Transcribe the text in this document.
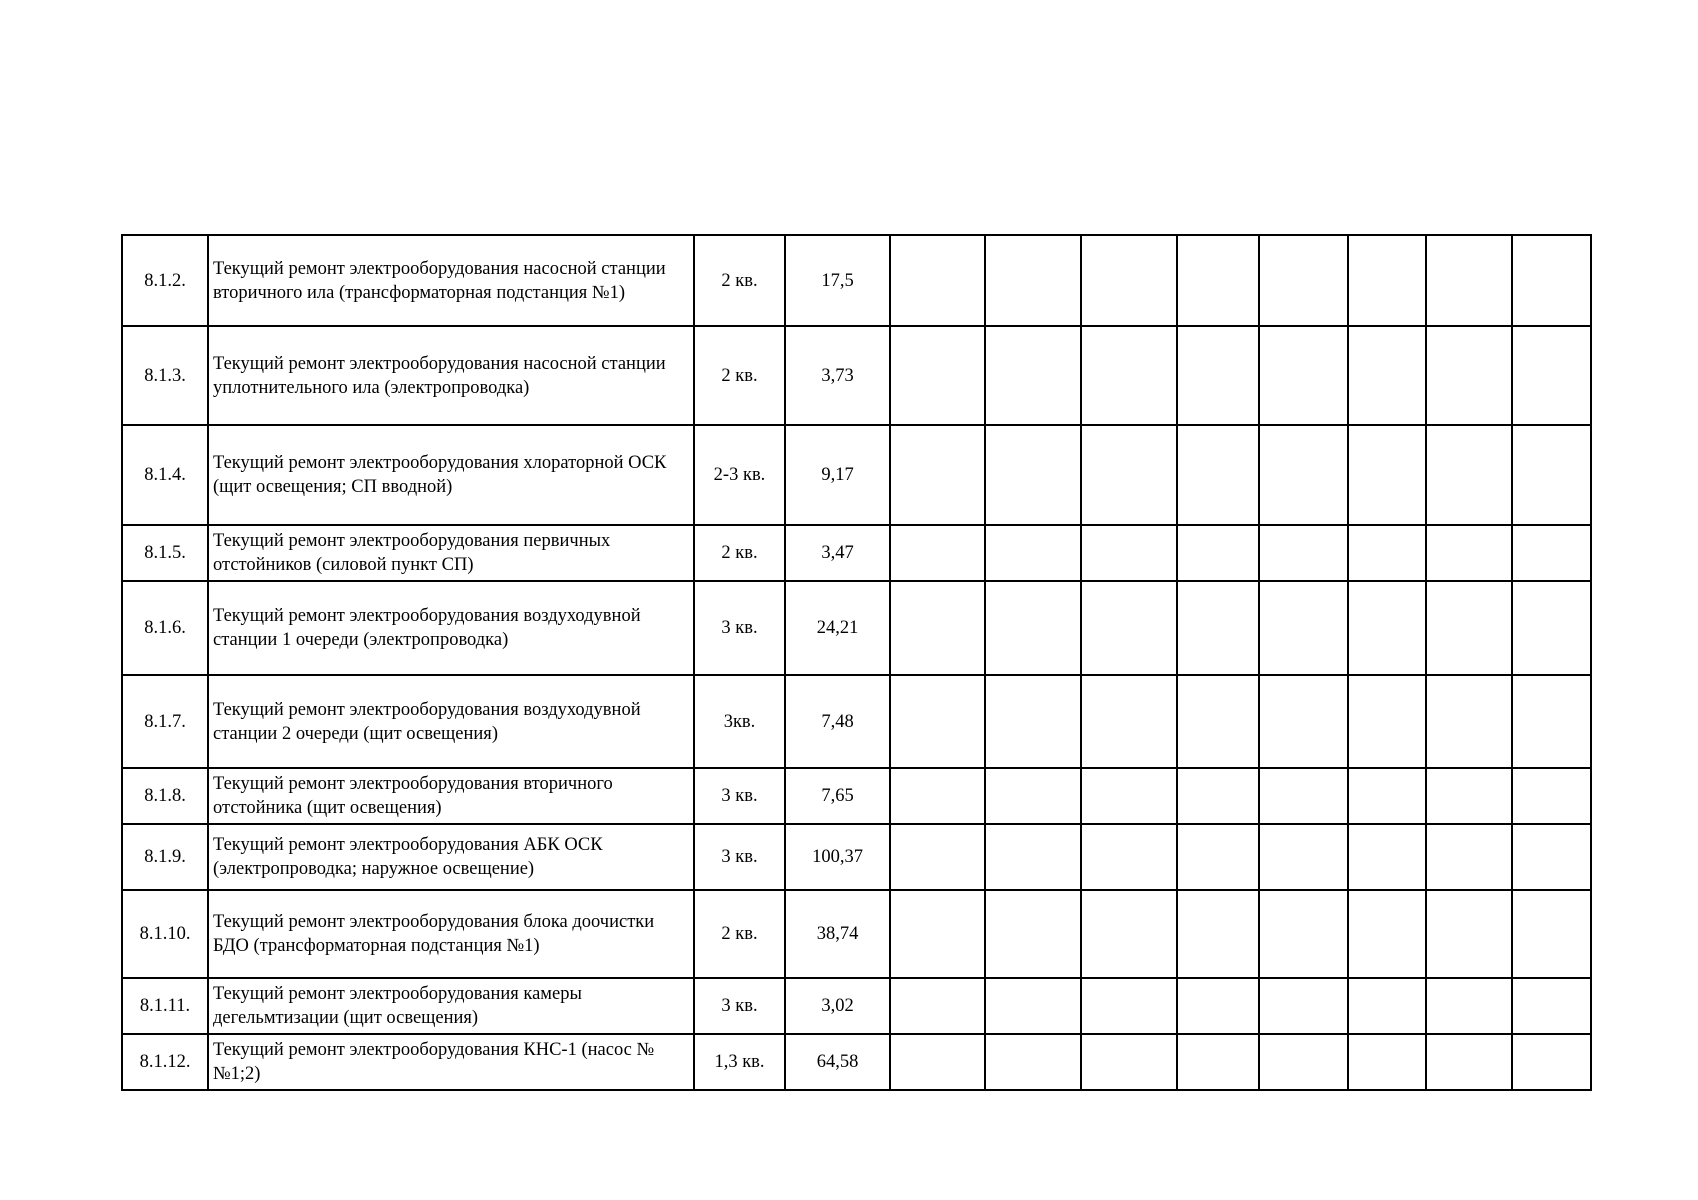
8.1.2.	Текущий ремонт электрооборудования насосной станции вторичного ила (трансформаторная подстанция №1)	2 кв.	17,5								
8.1.3.	Текущий ремонт электрооборудования насосной станции уплотнительного ила (электропроводка)	2 кв.	3,73								
8.1.4.	Текущий ремонт электрооборудования хлораторной ОСК (щит освещения; СП вводной)	2-3 кв.	9,17								
8.1.5.	Текущий ремонт электрооборудования первичных отстойников (силовой пункт СП)	2 кв.	3,47								
8.1.6.	Текущий ремонт электрооборудования воздуходувной станции 1 очереди (электропроводка)	3 кв.	24,21								
8.1.7.	Текущий ремонт электрооборудования воздуходувной станции 2 очереди (щит освещения)	3кв.	7,48								
8.1.8.	Текущий ремонт электрооборудования вторичного отстойника (щит освещения)	3 кв.	7,65								
8.1.9.	Текущий ремонт электрооборудования АБК ОСК (электропроводка; наружное освещение)	3 кв.	100,37								
8.1.10.	Текущий ремонт электрооборудования блока доочистки БДО (трансформаторная подстанция №1)	2 кв.	38,74								
8.1.11.	Текущий ремонт электрооборудования камеры дегельмтизации (щит освещения)	3 кв.	3,02								
8.1.12.	Текущий ремонт электрооборудования КНС-1 (насос №№1;2)	1,3 кв.	64,58								
